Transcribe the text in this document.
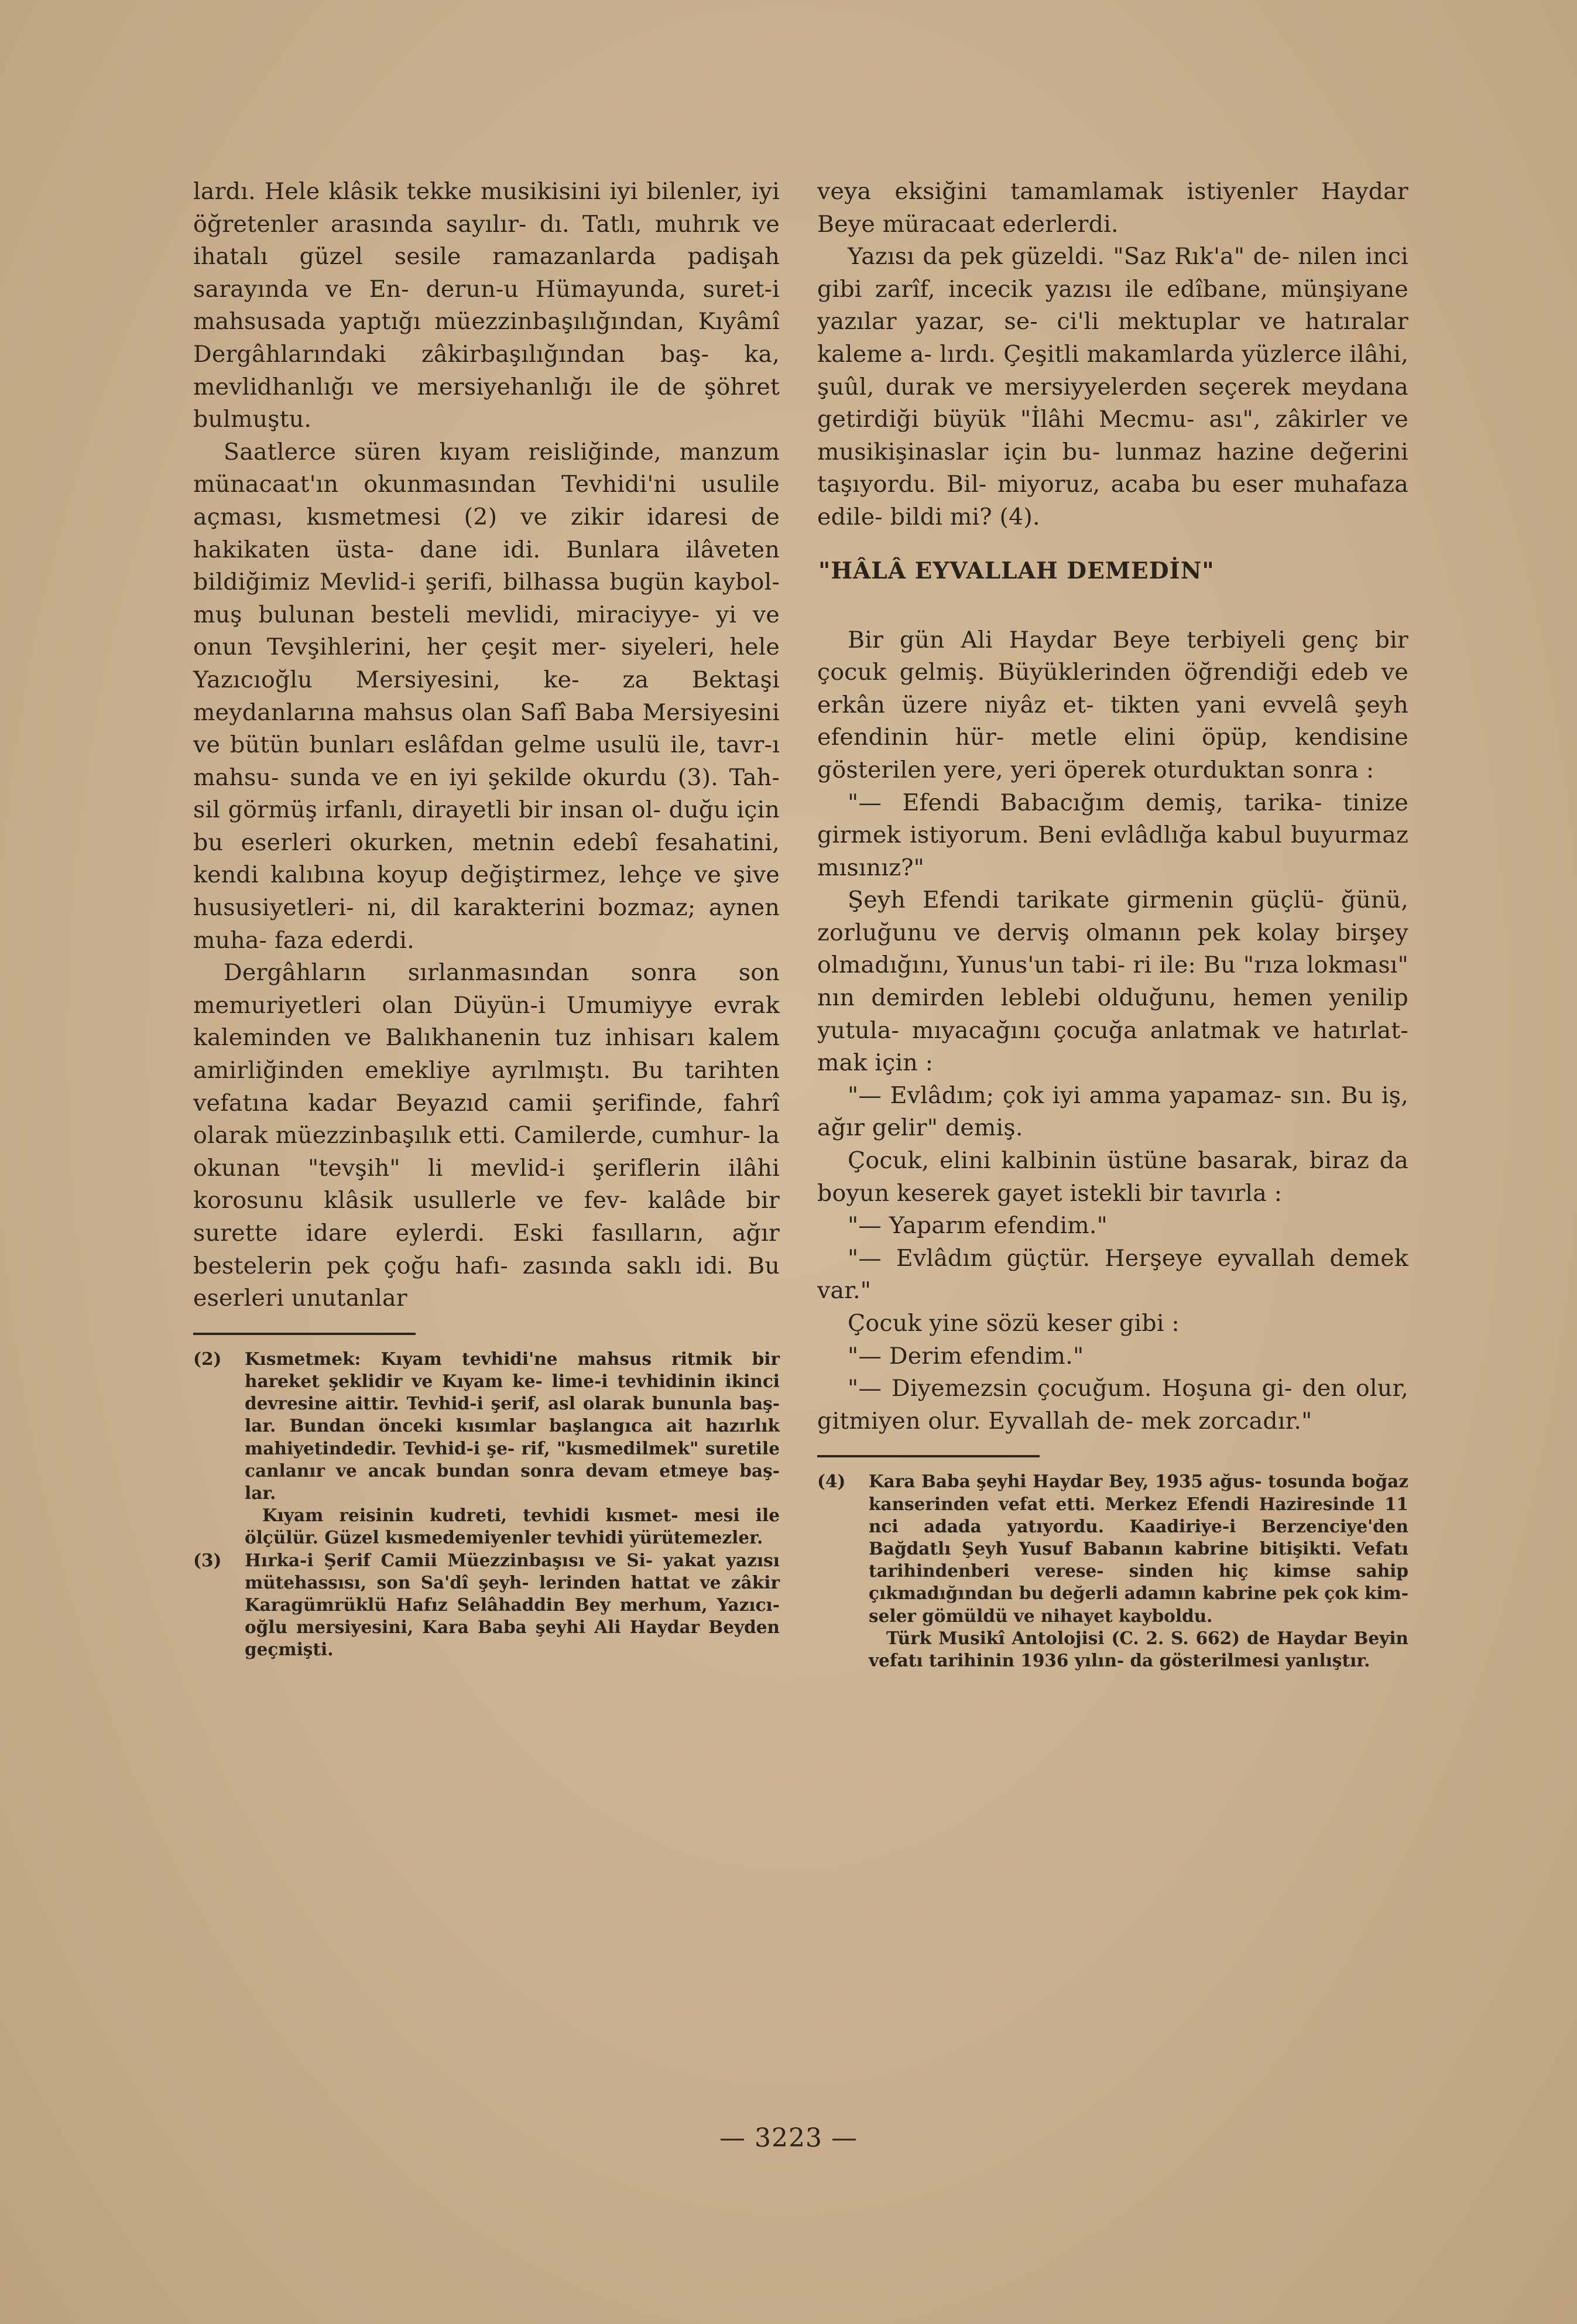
lardı. Hele klâsik tekke musikisini iyi bilenler, iyi öğretenler arasında sayılır- dı. Tatlı, muhrık ve ihatalı güzel sesile ramazanlarda padişah sarayında ve En- derun-u Hümayunda, suret-i mahsusada yaptığı müezzinbaşılığından, Kıyâmî Dergâhlarındaki zâkirbaşılığından baş- ka, mevlidhanlığı ve mersiyehanlığı ile de şöhret bulmuştu.

Saatlerce süren kıyam reisliğinde, manzum münacaat'ın okunmasından Tevhidi'ni usulile açması, kısmetmesi (2) ve zikir idaresi de hakikaten üsta- dane idi. Bunlara ilâveten bildiğimiz Mevlid-i şerifi, bilhassa bugün kaybol- muş bulunan besteli mevlidi, miraciyye- yi ve onun Tevşihlerini, her çeşit mer- siyeleri, hele Yazıcıoğlu Mersiyesini, ke- za Bektaşi meydanlarına mahsus olan Safî Baba Mersiyesini ve bütün bunları eslâfdan gelme usulü ile, tavr-ı mahsu- sunda ve en iyi şekilde okurdu (3). Tah- sil görmüş irfanlı, dirayetli bir insan ol- duğu için bu eserleri okurken, metnin edebî fesahatini, kendi kalıbına koyup değiştirmez, lehçe ve şive hususiyetleri- ni, dil karakterini bozmaz; aynen muha- faza ederdi.

Dergâhların sırlanmasından sonra son memuriyetleri olan Düyün-i Umumiyye evrak kaleminden ve Balıkhanenin tuz inhisarı kalem amirliğinden emekliye ayrılmıştı. Bu tarihten vefatına kadar Beyazıd camii şerifinde, fahrî olarak müezzinbaşılık etti. Camilerde, cumhur- la okunan "tevşih" li mevlid-i şeriflerin ilâhi korosunu klâsik usullerle ve fev- kalâde bir surette idare eylerdi. Eski fasılların, ağır bestelerin pek çoğu hafı- zasında saklı idi. Bu eserleri unutanlar

(2) Kısmetmek: Kıyam tevhidi'ne mahsus ritmik bir hareket şeklidir ve Kıyam ke- lime-i tevhidinin ikinci devresine aittir. Tevhid-i şerif, asl olarak bununla baş- lar. Bundan önceki kısımlar başlangıca ait hazırlık mahiyetindedir. Tevhid-i şe- rif, "kısmedilmek" suretile canlanır ve ancak bundan sonra devam etmeye baş- lar.

Kıyam reisinin kudreti, tevhidi kısmet- mesi ile ölçülür. Güzel kısmedemiyenler tevhidi yürütemezler.

(3) Hırka-i Şerif Camii Müezzinbaşısı ve Si- yakat yazısı mütehassısı, son Sa'dî şeyh- lerinden hattat ve zâkir Karagümrüklü Hafız Selâhaddin Bey merhum, Yazıcı- oğlu mersiyesini, Kara Baba şeyhi Ali Haydar Beyden geçmişti.

veya eksiğini tamamlamak istiyenler Haydar Beye müracaat ederlerdi.

Yazısı da pek güzeldi. "Saz Rık'a" de- nilen inci gibi zarîf, incecik yazısı ile edîbane, münşiyane yazılar yazar, se- ci'li mektuplar ve hatıralar kaleme a- lırdı. Çeşitli makamlarda yüzlerce ilâhi, şuûl, durak ve mersiyyelerden seçerek meydana getirdiği büyük "İlâhi Mecmu- ası", zâkirler ve musikişinaslar için bu- lunmaz hazine değerini taşıyordu. Bil- miyoruz, acaba bu eser muhafaza edile- bildi mi? (4).

"HÂLÂ EYVALLAH DEMEDİN"

Bir gün Ali Haydar Beye terbiyeli genç bir çocuk gelmiş. Büyüklerinden öğrendiği edeb ve erkân üzere niyâz et- tikten yani evvelâ şeyh efendinin hür- metle elini öpüp, kendisine gösterilen yere, yeri öperek oturduktan sonra :

"— Efendi Babacığım demiş, tarika- tinize girmek istiyorum. Beni evlâdlığa kabul buyurmaz mısınız?"

Şeyh Efendi tarikate girmenin güçlü- ğünü, zorluğunu ve derviş olmanın pek kolay birşey olmadığını, Yunus'un tabi- ri ile: Bu "rıza lokması" nın demirden leblebi olduğunu, hemen yenilip yutula- mıyacağını çocuğa anlatmak ve hatırlat- mak için :

"— Evlâdım; çok iyi amma yapamaz- sın. Bu iş, ağır gelir" demiş.

Çocuk, elini kalbinin üstüne basarak, biraz da boyun keserek gayet istekli bir tavırla :

"— Yaparım efendim."

"— Evlâdım güçtür. Herşeye eyvallah demek var."

Çocuk yine sözü keser gibi :

"— Derim efendim."

"— Diyemezsin çocuğum. Hoşuna gi- den olur, gitmiyen olur. Eyvallah de- mek zorcadır."

(4) Kara Baba şeyhi Haydar Bey, 1935 ağus- tosunda boğaz kanserinden vefat etti. Merkez Efendi Haziresinde 11 nci adada yatıyordu. Kaadiriye-i Berzenciye'den Bağdatlı Şeyh Yusuf Babanın kabrine bitişikti. Vefatı tarihindenberi verese- sinden hiç kimse sahip çıkmadığından bu değerli adamın kabrine pek çok kim- seler gömüldü ve nihayet kayboldu.

Türk Musikî Antolojisi (C. 2. S. 662) de Haydar Beyin vefatı tarihinin 1936 yılın- da gösterilmesi yanlıştır.

— 3223 —
